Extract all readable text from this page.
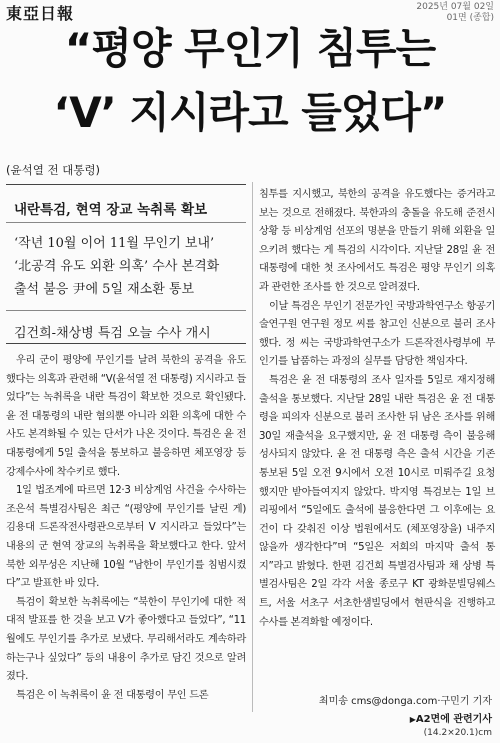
東亞日報	2025년 07월 02일
01면 (종합)
“평양 무인기 침투는
‘V’ 지시라고 들었다”
(윤석열 전 대통령)
내란특검, 현역 장교 녹취록 확보
‘작년 10월 이어 11월 무인기 보내’
‘北공격 유도 외환 의혹’ 수사 본격화
출석 불응 尹에 5일 재소환 통보
김건희-채상병 특검 오늘 수사 개시

우리 군이 평양에 무인기를 날려 북한의 공격을 유도했다는 의혹과 관련해 “V(윤석열 전 대통령) 지시라고 들었다”는 녹취록을 내란 특검이 확보한 것으로 확인됐다. 윤 전 대통령의 내란 혐의뿐 아니라 외환 의혹에 대한 수사도 본격화될 수 있는 단서가 나온 것이다. 특검은 윤 전 대통령에게 5일 출석을 통보하고 불응하면 체포영장 등 강제수사에 착수키로 했다.

1일 법조계에 따르면 12·3 비상계엄 사건을 수사하는 조은석 특별검사팀은 최근 “(평양에 무인기를 날린 게) 김용대 드론작전사령관으로부터 V 지시라고 들었다”는 내용의 군 현역 장교의 녹취록을 확보했다고 한다. 앞서 북한 외무성은 지난해 10월 “남한이 무인기를 침범시켰다”고 발표한 바 있다.

특검이 확보한 녹취록에는 “북한이 무인기에 대한 적대적 발표를 한 것을 보고 V가 좋아했다고 들었다”, “11월에도 무인기를 추가로 보냈다. 무리해서라도 계속하라 하는구나 싶었다” 등의 내용이 추가로 담긴 것으로 알려졌다.

특검은 이 녹취록이 윤 전 대통령이 무인 드론

침투를 지시했고, 북한의 공격을 유도했다는 증거라고 보는 것으로 전해졌다. 북한과의 충돌을 유도해 준전시 상황 등 비상계엄 선포의 명분을 만들기 위해 외환을 일으키려 했다는 게 특검의 시각이다. 지난달 28일 윤 전 대통령에 대한 첫 조사에서도 특검은 평양 무인기 의혹과 관련한 조사를 한 것으로 알려졌다.

이날 특검은 무인기 전문가인 국방과학연구소 항공기술연구원 연구원 정모 씨를 참고인 신분으로 불러 조사했다. 정 씨는 국방과학연구소가 드론작전사령부에 무인기를 납품하는 과정의 실무를 담당한 책임자다.

특검은 윤 전 대통령의 조사 일자를 5일로 재지정해 출석을 통보했다. 지난달 28일 내란 특검은 윤 전 대통령을 피의자 신분으로 불러 조사한 뒤 남은 조사를 위해 30일 재출석을 요구했지만, 윤 전 대통령 측이 불응해 성사되지 않았다. 윤 전 대통령 측은 출석 시간을 기존 통보된 5일 오전 9시에서 오전 10시로 미뤄주길 요청했지만 받아들여지지 않았다. 박지영 특검보는 1일 브리핑에서 “5일에도 출석에 불응한다면 그 이후에는 요건이 다 갖춰진 이상 법원에서도 (체포영장을) 내주지 않을까 생각한다”며 “5일은 저희의 마지막 출석 통지”라고 밝혔다. 한편 김건희 특별검사팀과 채 상병 특별검사팀은 2일 각각 서울 종로구 KT 광화문빌딩웨스트, 서울 서초구 서초한샘빌딩에서 현판식을 진행하고 수사를 본격화할 예정이다.

최미송 cms@donga.com·구민기 기자
▶A2면에 관련기사
(14.2×20.1)cm
